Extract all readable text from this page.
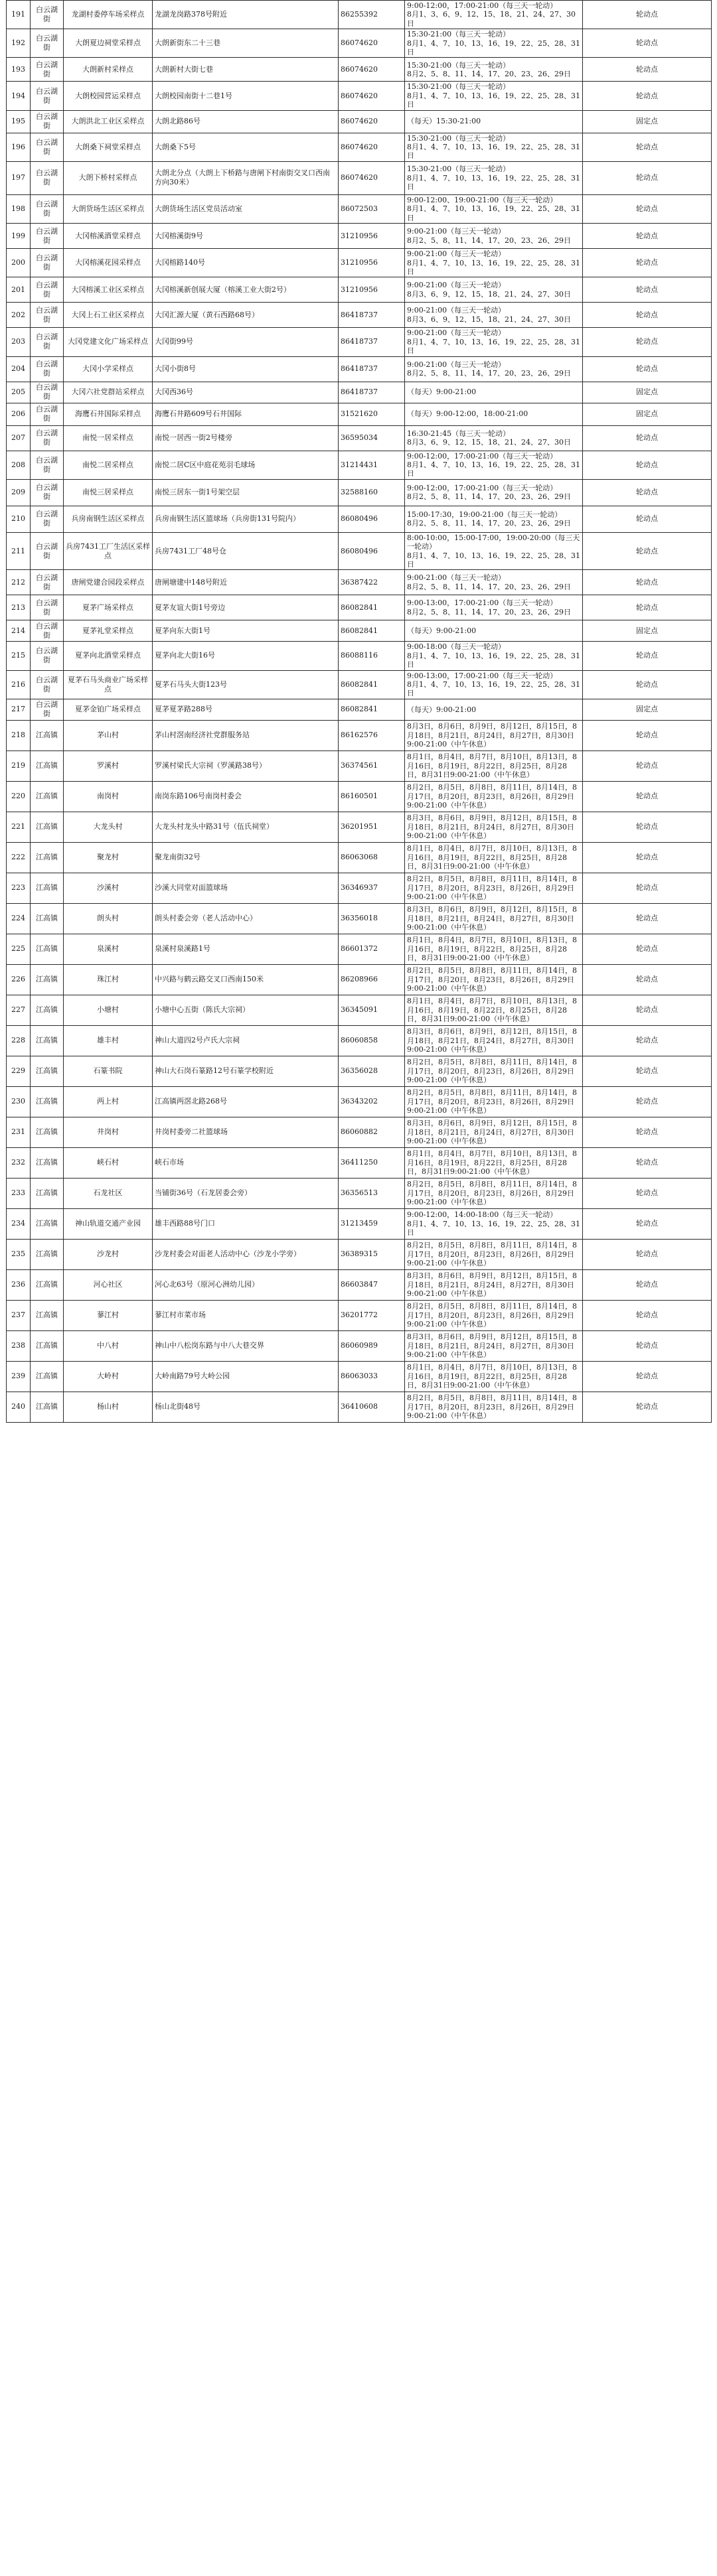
191	白云湖街	龙湖村委停车场采样点	龙湖龙岗路378号附近	86255392	9:00-12:00，17:00-21:00（每三天一轮动）
8月1、3、6、9、12、15、18、21、24、27、30日	轮动点
192	白云湖街	大朗夏边祠堂采样点	大朗新街东二十三巷	86074620	15:30-21:00（每三天一轮动）
8月1、4、7、10、13、16、19、22、25、28、31日	轮动点
193	白云湖街	大朗新村采样点	大朗新村大街七巷	86074620	15:30-21:00（每三天一轮动）
8月2、5、8、11、14、17、20、23、26、29日	轮动点
194	白云湖街	大朗校园营运采样点	大朗校园南街十二巷1号	86074620	15:30-21:00（每三天一轮动）
8月1、4、7、10、13、16、19、22、25、28、31日	轮动点
195	白云湖街	大朗洪北工业区采样点	大朗北路86号	86074620	（每天）15:30-21:00	固定点
196	白云湖街	大朗桑下祠堂采样点	大朗桑下5号	86074620	15:30-21:00（每三天一轮动）
8月1、4、7、10、13、16、19、22、25、28、31日	轮动点
197	白云湖街	大朗下桥村采样点	大朗北分点（大朗上下桥路与唐闸下村南街交叉口西南方向30米）	86074620	15:30-21:00（每三天一轮动）
8月1、4、7、10、13、16、19、22、25、28、31日	轮动点
198	白云湖街	大朗货场生活区采样点	大朗货场生活区党员活动室	86072503	9:00-12:00、19:00-21:00（每三天一轮动）
8月1、4、7、10、13、16、19、22、25、28、31日	轮动点
199	白云湖街	大冈榕溪酒堂采样点	大冈榕溪街9号	31210956	9:00-21:00（每三天一轮动）
8月2、5、8、11、14、17、20、23、26、29日	轮动点
200	白云湖街	大冈榕溪花园采样点	大冈榕路140号	31210956	9:00-21:00（每三天一轮动）
8月1、4、7、10、13、16、19、22、25、28、31日	轮动点
201	白云湖街	大冈榕溪工业区采样点	大冈榕溪新创展大厦（榕溪工业大街2号）	31210956	9:00-21:00（每三天一轮动）
8月3、6、9、12、15、18、21、24、27、30日	轮动点
202	白云湖街	大冈上石工业区采样点	大冈汇源大厦（黄石西路68号）	86418737	9:00-21:00（每三天一轮动）
8月3、6、9、12、15、18、21、24、27、30日	轮动点
203	白云湖街	大冈党建文化广场采样点	大冈街99号	86418737	9:00-21:00（每三天一轮动）
8月1、4、7、10、13、16、19、22、25、28、31日	轮动点
204	白云湖街	大冈小学采样点	大冈小街8号	86418737	9:00-21:00（每三天一轮动）
8月2、5、8、11、14、17、20、23、26、29日	轮动点
205	白云湖街	大冈六社党群站采样点	大冈西36号	86418737	（每天）9:00-21:00	固定点
206	白云湖街	海鹰石井国际采样点	海鹰石井路609号石井国际	31521620	（每天）9:00-12:00，18:00-21:00	固定点
207	白云湖街	南悦一居采样点	南悦一居西一街2号楼旁	36595034	16:30-21:45（每三天一轮动）
8月3、6、9、12、15、18、21、24、27、30日	轮动点
208	白云湖街	南悦二居采样点	南悦二居C区中庭花苑羽毛球场	31214431	9:00-12:00，17:00-21:00（每三天一轮动）
8月1、4、7、10、13、16、19、22、25、28、31日	轮动点
209	白云湖街	南悦三居采样点	南悦三居东一街1号架空层	32588160	9:00-12:00，17:00-21:00（每三天一轮动）
8月2、5、8、11、14、17、20、23、26、29日	轮动点
210	白云湖街	兵房南钢生活区采样点	兵房南钢生活区篮球场（兵房街131号院内）	86080496	15:00-17:30，19:00-21:00（每三天一轮动）
8月2、5、8、11、14、17、20、23、26、29日	轮动点
211	白云湖街	兵房7431工厂生活区采样点	兵房7431工厂48号仓	86080496	8:00-10:00，15:00-17:00，19:00-20:00（每三天一轮动）
8月1、4、7、10、13、16、19、22、25、28、31日	轮动点
212	白云湖街	唐闸党建合园段采样点	唐闸塘建中148号附近	36387422	9:00-21:00（每三天一轮动）
8月2、5、8、11、14、17、20、23、26、29日	轮动点
213	白云湖街	夏茅广场采样点	夏茅友谊大街1号旁边	86082841	9:00-13:00，17:00-21:00（每三天一轮动）
8月2、5、8、11、14、17、20、23、26、29日	轮动点
214	白云湖街	夏茅礼堂采样点	夏茅向东大街1号	86082841	（每天）9:00-21:00	固定点
215	白云湖街	夏茅向北酒堂采样点	夏茅向北大街16号	86088116	9:00-18:00（每三天一轮动）
8月1、4、7、10、13、16、19、22、25、28、31日	轮动点
216	白云湖街	夏茅石马头商业广场采样点	夏茅石马头大街123号	86082841	9:00-13:00，17:00-21:00（每三天一轮动）
8月1、4、7、10、13、16、19、22、25、28、31日	轮动点
217	白云湖街	夏茅金铂广场采样点	夏茅夏茅路288号	86082841	（每天）9:00-21:00	固定点
218	江高镇	茅山村	茅山村滘南经济社党群服务站	86162576	8月3日，8月6日，8月9日，8月12日，8月15日，8月18日，8月21日，8月24日，8月27日，8月30日9:00-21:00（中午休息）	轮动点
219	江高镇	罗溪村	罗溪村梁氏大宗祠（罗溪路38号）	36374561	8月1日，8月4日，8月7日，8月10日，8月13日，8月16日，8月19日，8月22日，8月25日，8月28日，8月31日9:00-21:00（中午休息）	轮动点
220	江高镇	南岗村	南岗东路106号南岗村委会	86160501	8月2日，8月5日，8月8日，8月11日，8月14日，8月17日，8月20日，8月23日，8月26日，8月29日9:00-21:00（中午休息）	轮动点
221	江高镇	大龙头村	大龙头村龙头中路31号（伍氏祠堂）	36201951	8月3日，8月6日，8月9日，8月12日，8月15日，8月18日，8月21日，8月24日，8月27日，8月30日9:00-21:00（中午休息）	轮动点
222	江高镇	聚龙村	聚龙南街32号	86063068	8月1日，8月4日，8月7日，8月10日，8月13日，8月16日，8月19日，8月22日，8月25日，8月28日，8月31日9:00-21:00（中午休息）	轮动点
223	江高镇	沙溪村	沙溪大同堂对面篮球场	36346937	8月2日，8月5日，8月8日，8月11日，8月14日，8月17日，8月20日，8月23日，8月26日，8月29日9:00-21:00（中午休息）	轮动点
224	江高镇	朗头村	朗头村委会旁（老人活动中心）	36356018	8月3日，8月6日，8月9日，8月12日，8月15日，8月18日，8月21日，8月24日，8月27日，8月30日9:00-21:00（中午休息）	轮动点
225	江高镇	泉溪村	泉溪村泉溪路1号	86601372	8月1日，8月4日，8月7日，8月10日，8月13日，8月16日，8月19日，8月22日，8月25日，8月28日，8月31日9:00-21:00（中午休息）	轮动点
226	江高镇	珠江村	中兴路与鹤云路交叉口西南150米	86208966	8月2日，8月5日，8月8日，8月11日，8月14日，8月17日，8月20日，8月23日，8月26日，8月29日9:00-21:00（中午休息）	轮动点
227	江高镇	小塘村	小塘中心五街（陈氏大宗祠）	36345091	8月1日，8月4日，8月7日，8月10日，8月13日，8月16日，8月19日，8月22日，8月25日，8月28日，8月31日9:00-21:00（中午休息）	轮动点
228	江高镇	雄丰村	神山大道四2号卢氏大宗祠	86060858	8月3日，8月6日，8月9日，8月12日，8月15日，8月18日，8月21日，8月24日，8月27日，8月30日9:00-21:00（中午休息）	轮动点
229	江高镇	石篆书院	神山大石岗石篆路12号石篆学校附近	36356028	8月2日，8月5日，8月8日，8月11日，8月14日，8月17日，8月20日，8月23日，8月26日，8月29日9:00-21:00（中午休息）	轮动点
230	江高镇	两上村	江高镇两滘北路268号	36343202	8月2日，8月5日，8月8日，8月11日，8月14日，8月17日，8月20日，8月23日，8月26日，8月29日9:00-21:00（中午休息）	轮动点
231	江高镇	井岗村	井岗村委旁二社篮球场	86060882	8月3日，8月6日，8月9日，8月12日，8月15日，8月18日，8月21日，8月24日，8月27日，8月30日9:00-21:00（中午休息）	轮动点
232	江高镇	峡石村	峡石市场	36411250	8月1日，8月4日，8月7日，8月10日，8月13日，8月16日，8月19日，8月22日，8月25日，8月28日，8月31日9:00-21:00（中午休息）	轮动点
233	江高镇	石龙社区	当铺街36号（石龙居委会旁）	36356513	8月2日，8月5日，8月8日，8月11日，8月14日，8月17日，8月20日，8月23日，8月26日，8月29日9:00-21:00（中午休息）	轮动点
234	江高镇	神山轨道交通产业园	雄丰西路88号门口	31213459	9:00-12:00，14:00-18:00（每三天一轮动）
8月1、4、7、10、13、16、19、22、25、28、31日	轮动点
235	江高镇	沙龙村	沙龙村委会对面老人活动中心（沙龙小学旁）	36389315	8月2日，8月5日，8月8日，8月11日，8月14日，8月17日，8月20日，8月23日，8月26日，8月29日9:00-21:00（中午休息）	轮动点
236	江高镇	河心社区	河心北63号（原河心洲幼儿园）	86603847	8月3日，8月6日，8月9日，8月12日，8月15日，8月18日，8月21日，8月24日，8月27日，8月30日9:00-21:00（中午休息）	轮动点
237	江高镇	蓼江村	蓼江村市菜市场	36201772	8月2日，8月5日，8月8日，8月11日，8月14日，8月17日，8月20日，8月23日，8月26日，8月29日9:00-21:00（中午休息）	轮动点
238	江高镇	中八村	神山中八松岗东路与中八大巷交界	86060989	8月3日，8月6日，8月9日，8月12日，8月15日，8月18日，8月21日，8月24日，8月27日，8月30日9:00-21:00（中午休息）	轮动点
239	江高镇	大岭村	大岭南路79号大岭公园	86063033	8月1日，8月4日，8月7日，8月10日，8月13日，8月16日，8月19日，8月22日，8月25日，8月28日，8月31日9:00-21:00（中午休息）	轮动点
240	江高镇	杨山村	杨山北街48号	36410608	8月2日，8月5日，8月8日，8月11日，8月14日，8月17日，8月20日，8月23日，8月26日，8月29日9:00-21:00（中午休息）	轮动点
